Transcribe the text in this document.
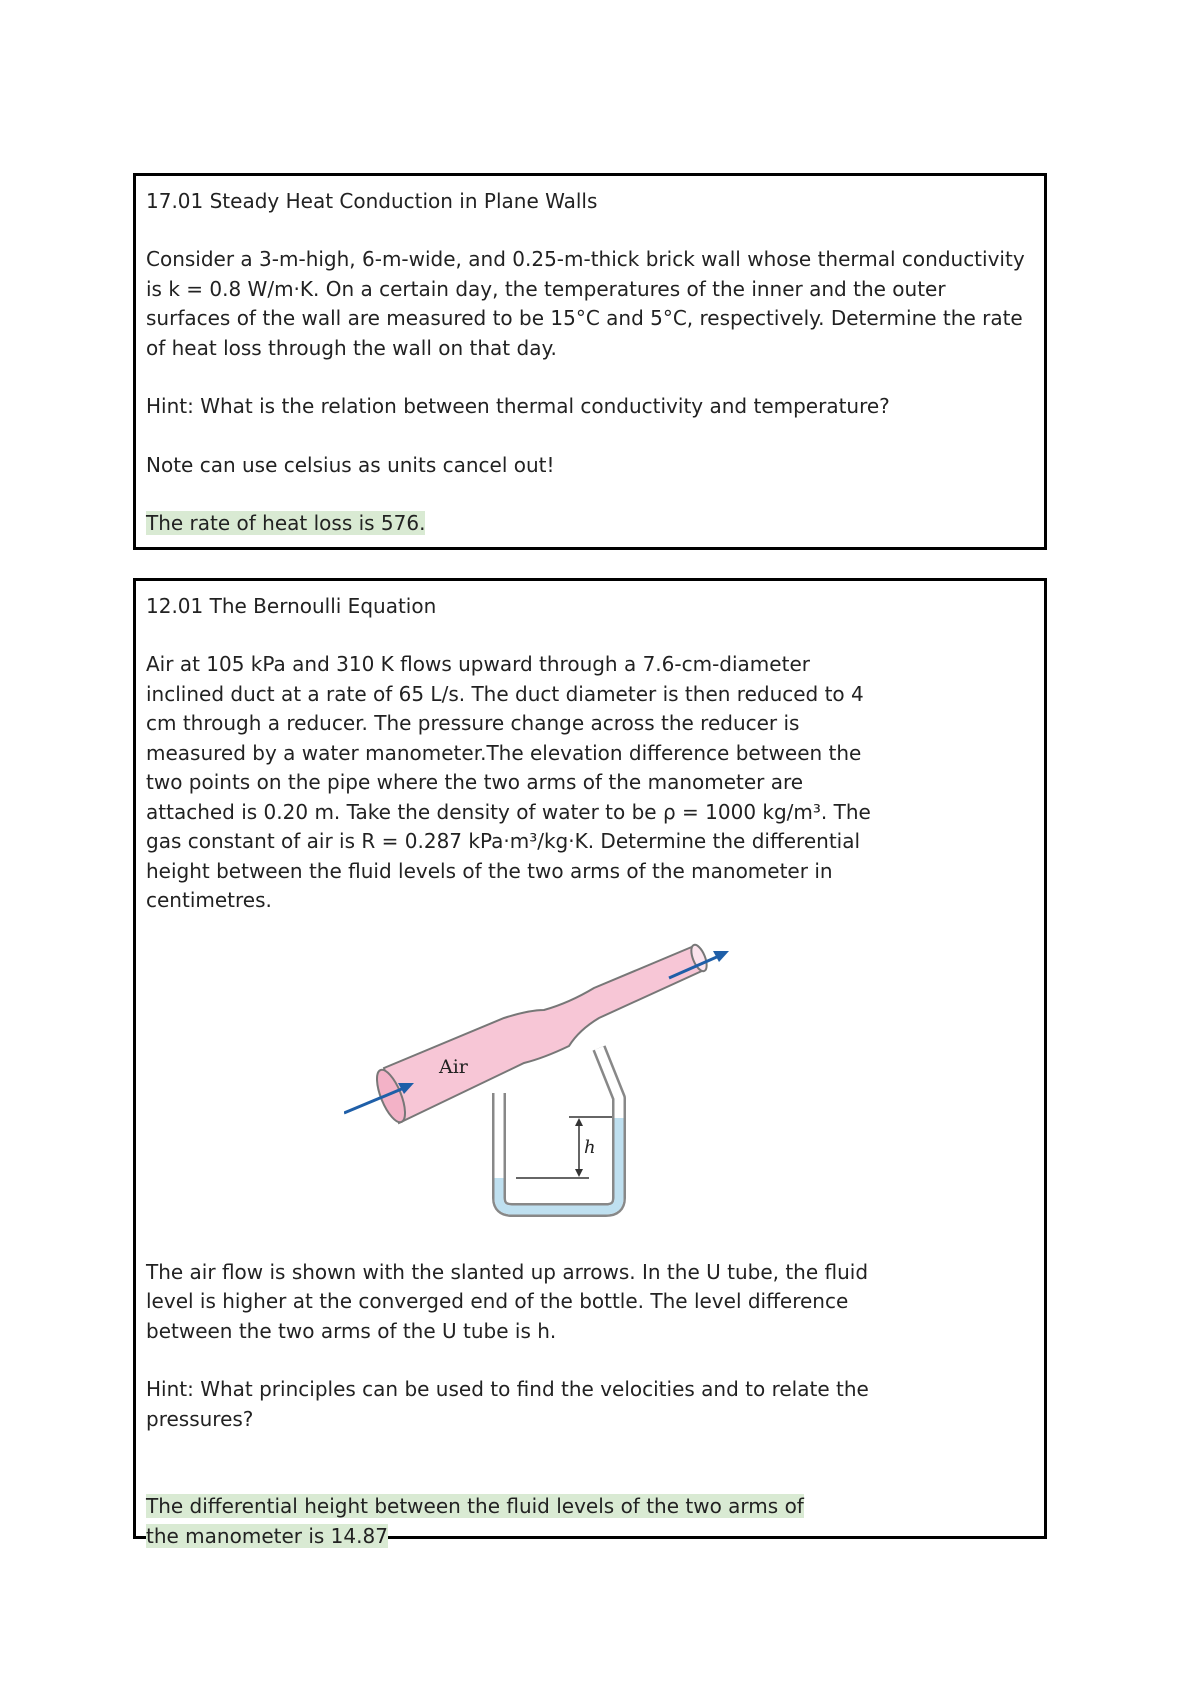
17.01 Steady Heat Conduction in Plane Walls

Consider a 3-m-high, 6-m-wide, and 0.25-m-thick brick wall whose thermal conductivity is k = 0.8 W/m·K. On a certain day, the temperatures of the inner and the outer surfaces of the wall are measured to be 15°C and 5°C, respectively. Determine the rate of heat loss through the wall on that day.

Hint: What is the relation between thermal conductivity and temperature?

Note can use celsius as units cancel out!

The rate of heat loss is 576.

12.01 The Bernoulli Equation

Air at 105 kPa and 310 K flows upward through a 7.6-cm-diameter inclined duct at a rate of 65 L/s. The duct diameter is then reduced to 4 cm through a reducer. The pressure change across the reducer is measured by a water manometer.The elevation difference between the two points on the pipe where the two arms of the manometer are attached is 0.20 m. Take the density of water to be ρ = 1000 kg/m³. The gas constant of air is R = 0.287 kPa·m³/kg·K. Determine the differential height between the fluid levels of the two arms of the manometer in centimetres.

h
Air

The air flow is shown with the slanted up arrows. In the U tube, the fluid level is higher at the converged end of the bottle. The level difference between the two arms of the U tube is h.

Hint: What principles can be used to find the velocities and to relate the pressures?

The differential height between the fluid levels of the two arms of the manometer is 14.87
